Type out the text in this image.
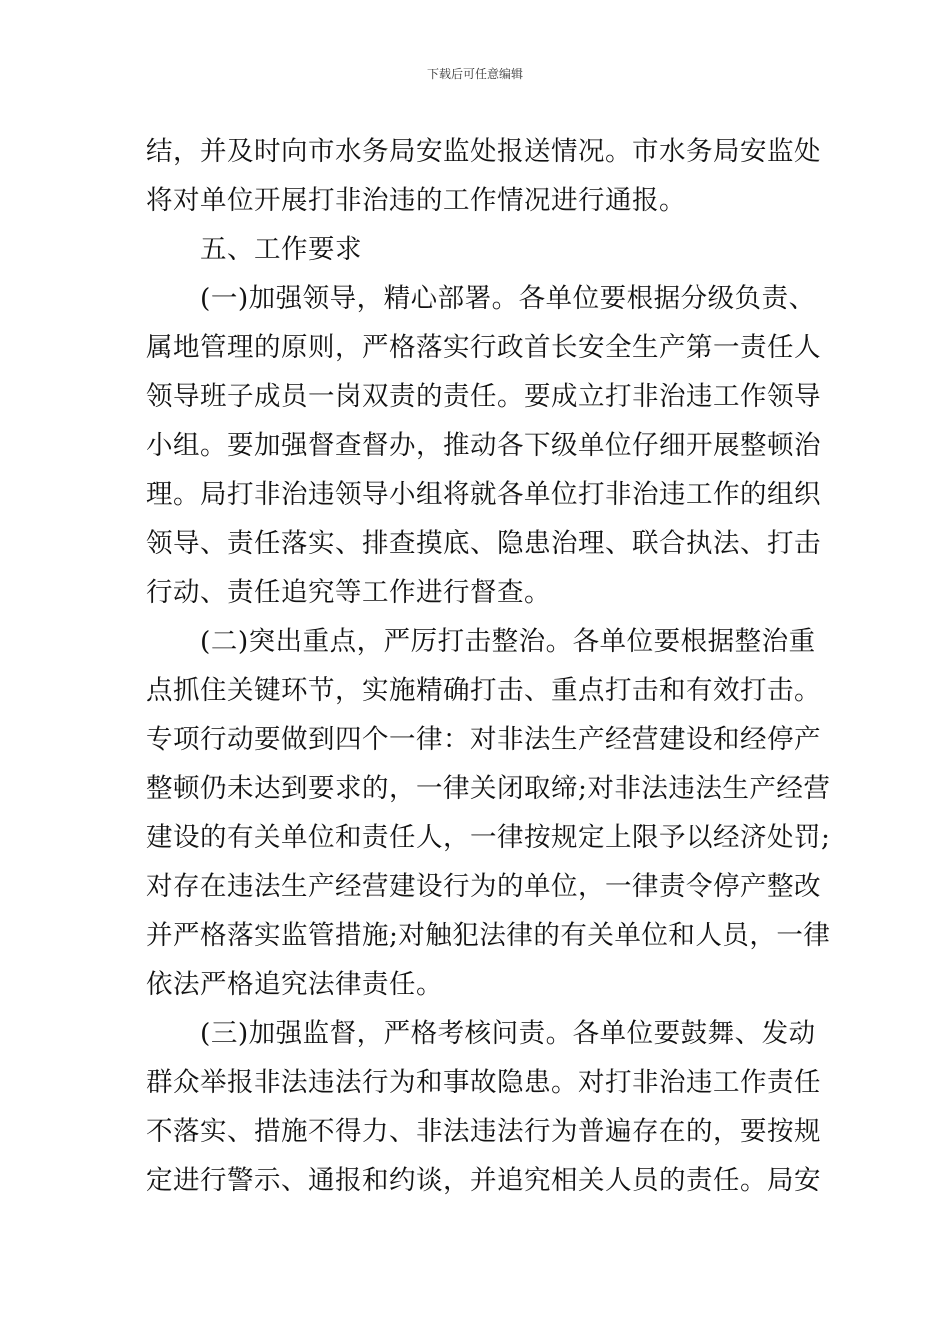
下载后可任意编辑
结，并及时向市水务局安监处报送情况。市水务局安监处
将对单位开展打非治违的工作情况进行通报。
　　五、工作要求
　　(一)加强领导，精心部署。各单位要根据分级负责、
属地管理的原则，严格落实行政首长安全生产第一责任人
领导班子成员一岗双责的责任。要成立打非治违工作领导
小组。要加强督查督办，推动各下级单位仔细开展整顿治
理。局打非治违领导小组将就各单位打非治违工作的组织
领导、责任落实、排查摸底、隐患治理、联合执法、打击
行动、责任追究等工作进行督查。
　　(二)突出重点，严厉打击整治。各单位要根据整治重
点抓住关键环节，实施精确打击、重点打击和有效打击。
专项行动要做到四个一律：对非法生产经营建设和经停产
整顿仍未达到要求的，一律关闭取缔;对非法违法生产经营
建设的有关单位和责任人，一律按规定上限予以经济处罚;
对存在违法生产经营建设行为的单位，一律责令停产整改
并严格落实监管措施;对触犯法律的有关单位和人员，一律
依法严格追究法律责任。
　　(三)加强监督，严格考核问责。各单位要鼓舞、发动
群众举报非法违法行为和事故隐患。对打非治违工作责任
不落实、措施不得力、非法违法行为普遍存在的，要按规
定进行警示、通报和约谈，并追究相关人员的责任。局安
